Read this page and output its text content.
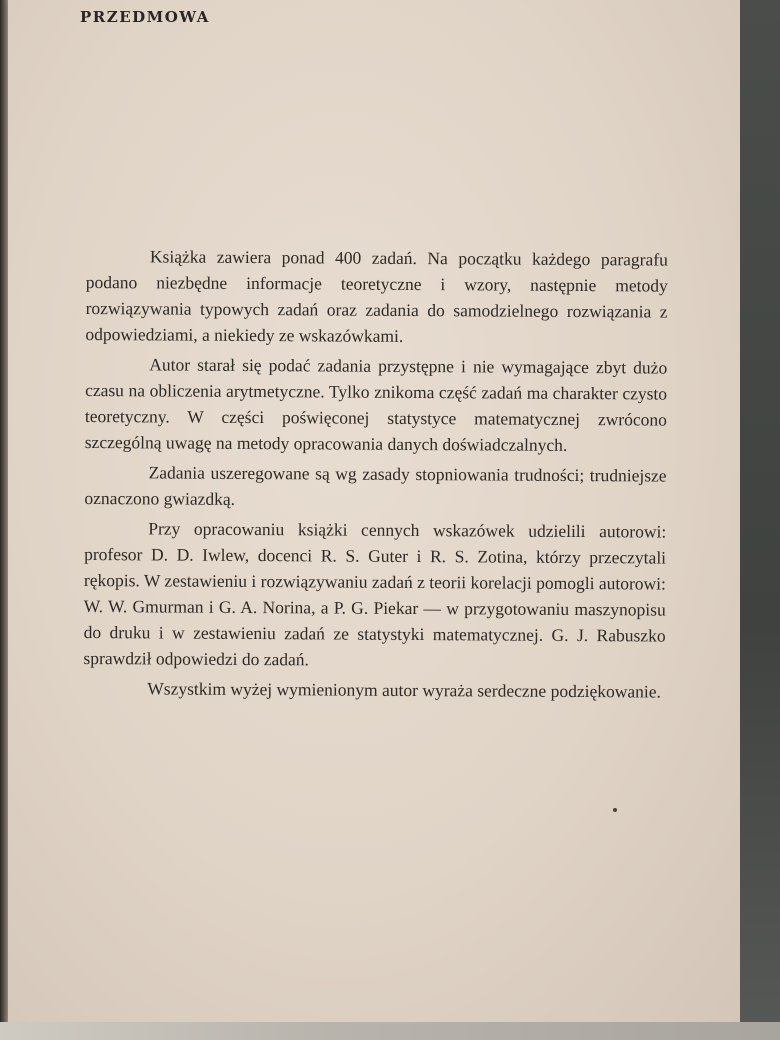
PRZEDMOWA

Książka zawiera ponad 400 zadań. Na początku każdego paragrafu podano niezbędne informacje teoretyczne i wzory, następnie metody rozwiązywania typowych zadań oraz zadania do samodzielnego rozwiązania z odpowiedziami, a niekiedy ze wskazówkami.

Autor starał się podać zadania przystępne i nie wymagające zbyt dużo czasu na obliczenia arytmetyczne. Tylko znikoma część zadań ma charakter czysto teoretyczny. W części poświęconej statystyce matematycznej zwrócono szczególną uwagę na metody opracowania danych doświadczalnych.

Zadania uszeregowane są wg zasady stopniowania trudności; trudniejsze oznaczono gwiazdką.

Przy opracowaniu książki cennych wskazówek udzielili autorowi: profesor D. D. Iwlew, docenci R. S. Guter i R. S. Zotina, którzy przeczytali rękopis. W zestawieniu i rozwiązywaniu zadań z teorii korelacji pomogli autorowi: W. W. Gmurman i G. A. Norina, a P. G. Piekar — w przygotowaniu maszynopisu do druku i w zestawieniu zadań ze statystyki matematycznej. G. J. Rabuszko sprawdził odpowiedzi do zadań.

Wszystkim wyżej wymienionym autor wyraża serdeczne podziękowanie.
